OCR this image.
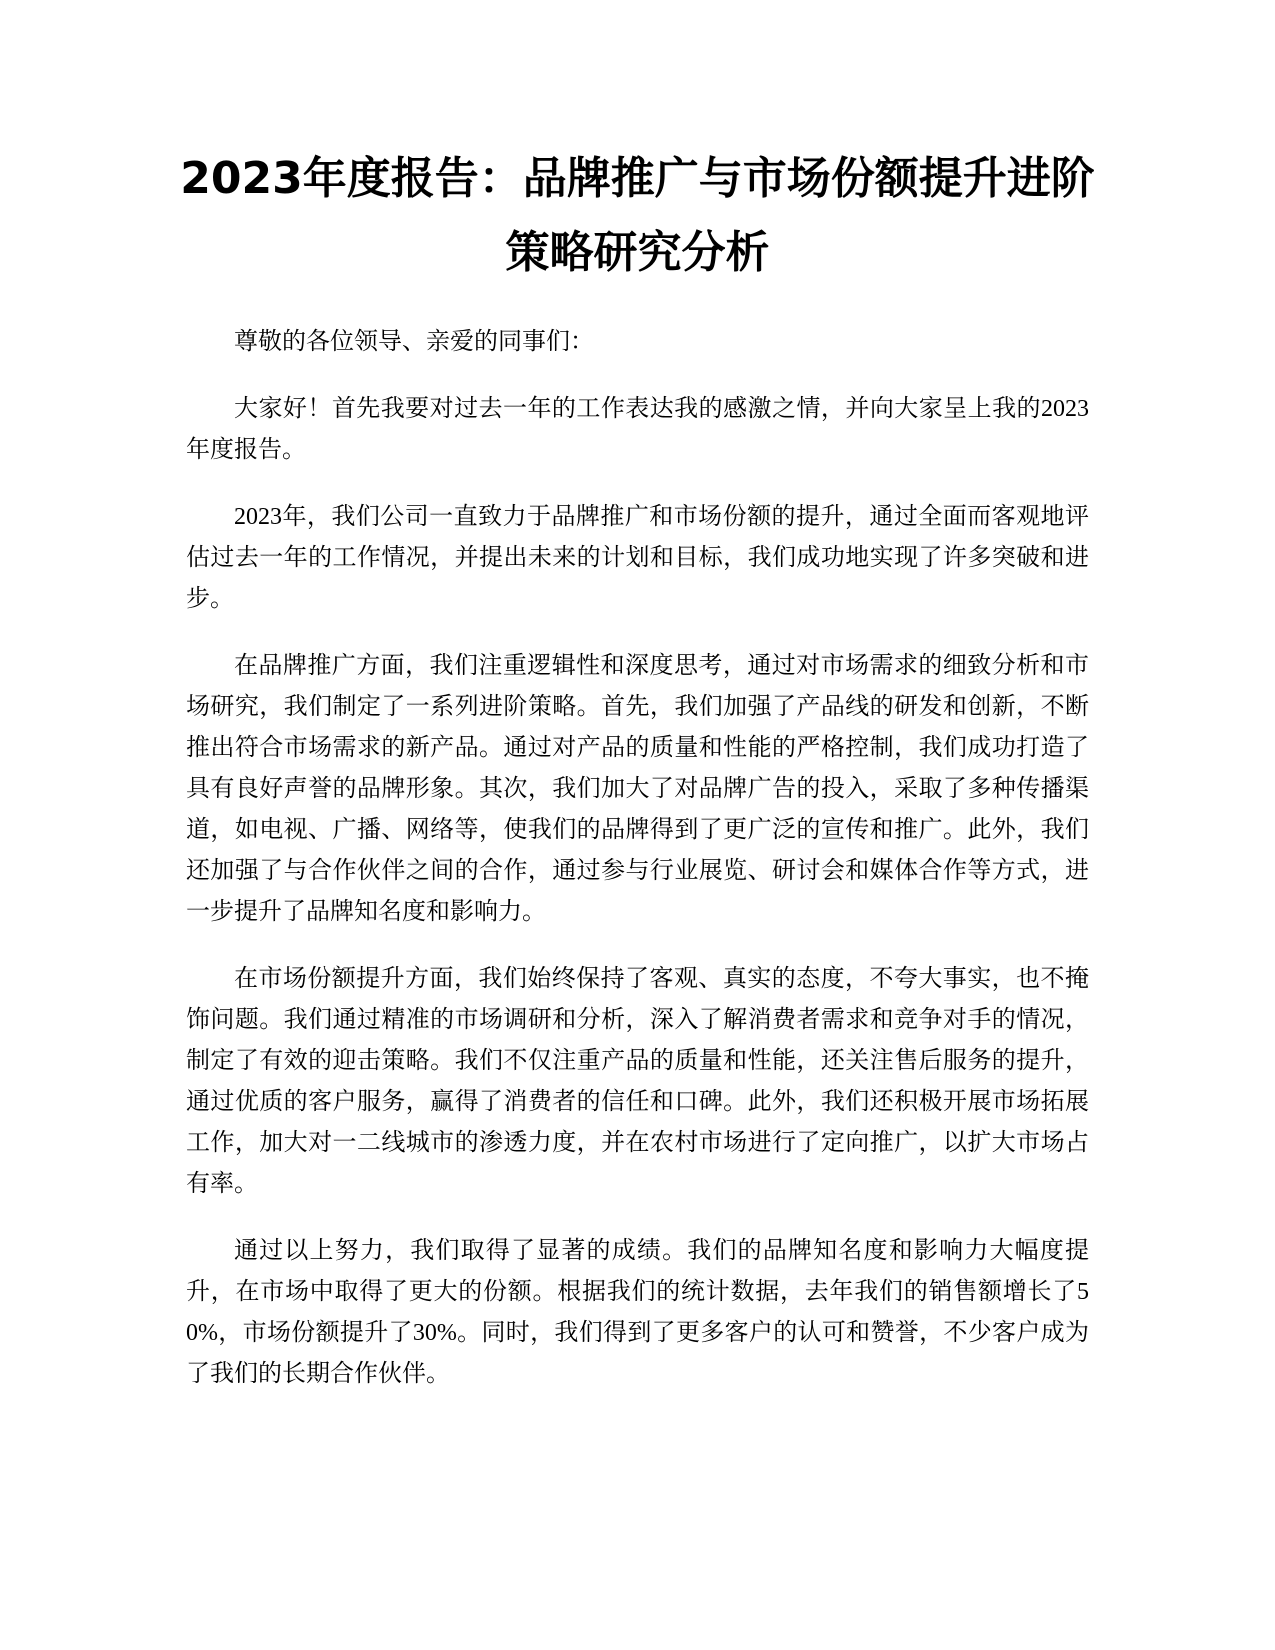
2023年度报告：品牌推广与市场份额提升进阶策略研究分析

尊敬的各位领导、亲爱的同事们：

大家好！首先我要对过去一年的工作表达我的感激之情，并向大家呈上我的2023年度报告。

2023年，我们公司一直致力于品牌推广和市场份额的提升，通过全面而客观地评估过去一年的工作情况，并提出未来的计划和目标，我们成功地实现了许多突破和进步。

在品牌推广方面，我们注重逻辑性和深度思考，通过对市场需求的细致分析和市场研究，我们制定了一系列进阶策略。首先，我们加强了产品线的研发和创新，不断推出符合市场需求的新产品。通过对产品的质量和性能的严格控制，我们成功打造了具有良好声誉的品牌形象。其次，我们加大了对品牌广告的投入，采取了多种传播渠道，如电视、广播、网络等，使我们的品牌得到了更广泛的宣传和推广。此外，我们还加强了与合作伙伴之间的合作，通过参与行业展览、研讨会和媒体合作等方式，进一步提升了品牌知名度和影响力。

在市场份额提升方面，我们始终保持了客观、真实的态度，不夸大事实，也不掩饰问题。我们通过精准的市场调研和分析，深入了解消费者需求和竞争对手的情况，制定了有效的迎击策略。我们不仅注重产品的质量和性能，还关注售后服务的提升，通过优质的客户服务，赢得了消费者的信任和口碑。此外，我们还积极开展市场拓展工作，加大对一二线城市的渗透力度，并在农村市场进行了定向推广，以扩大市场占有率。

通过以上努力，我们取得了显著的成绩。我们的品牌知名度和影响力大幅度提升，在市场中取得了更大的份额。根据我们的统计数据，去年我们的销售额增长了50%，市场份额提升了30%。同时，我们得到了更多客户的认可和赞誉，不少客户成为了我们的长期合作伙伴。
